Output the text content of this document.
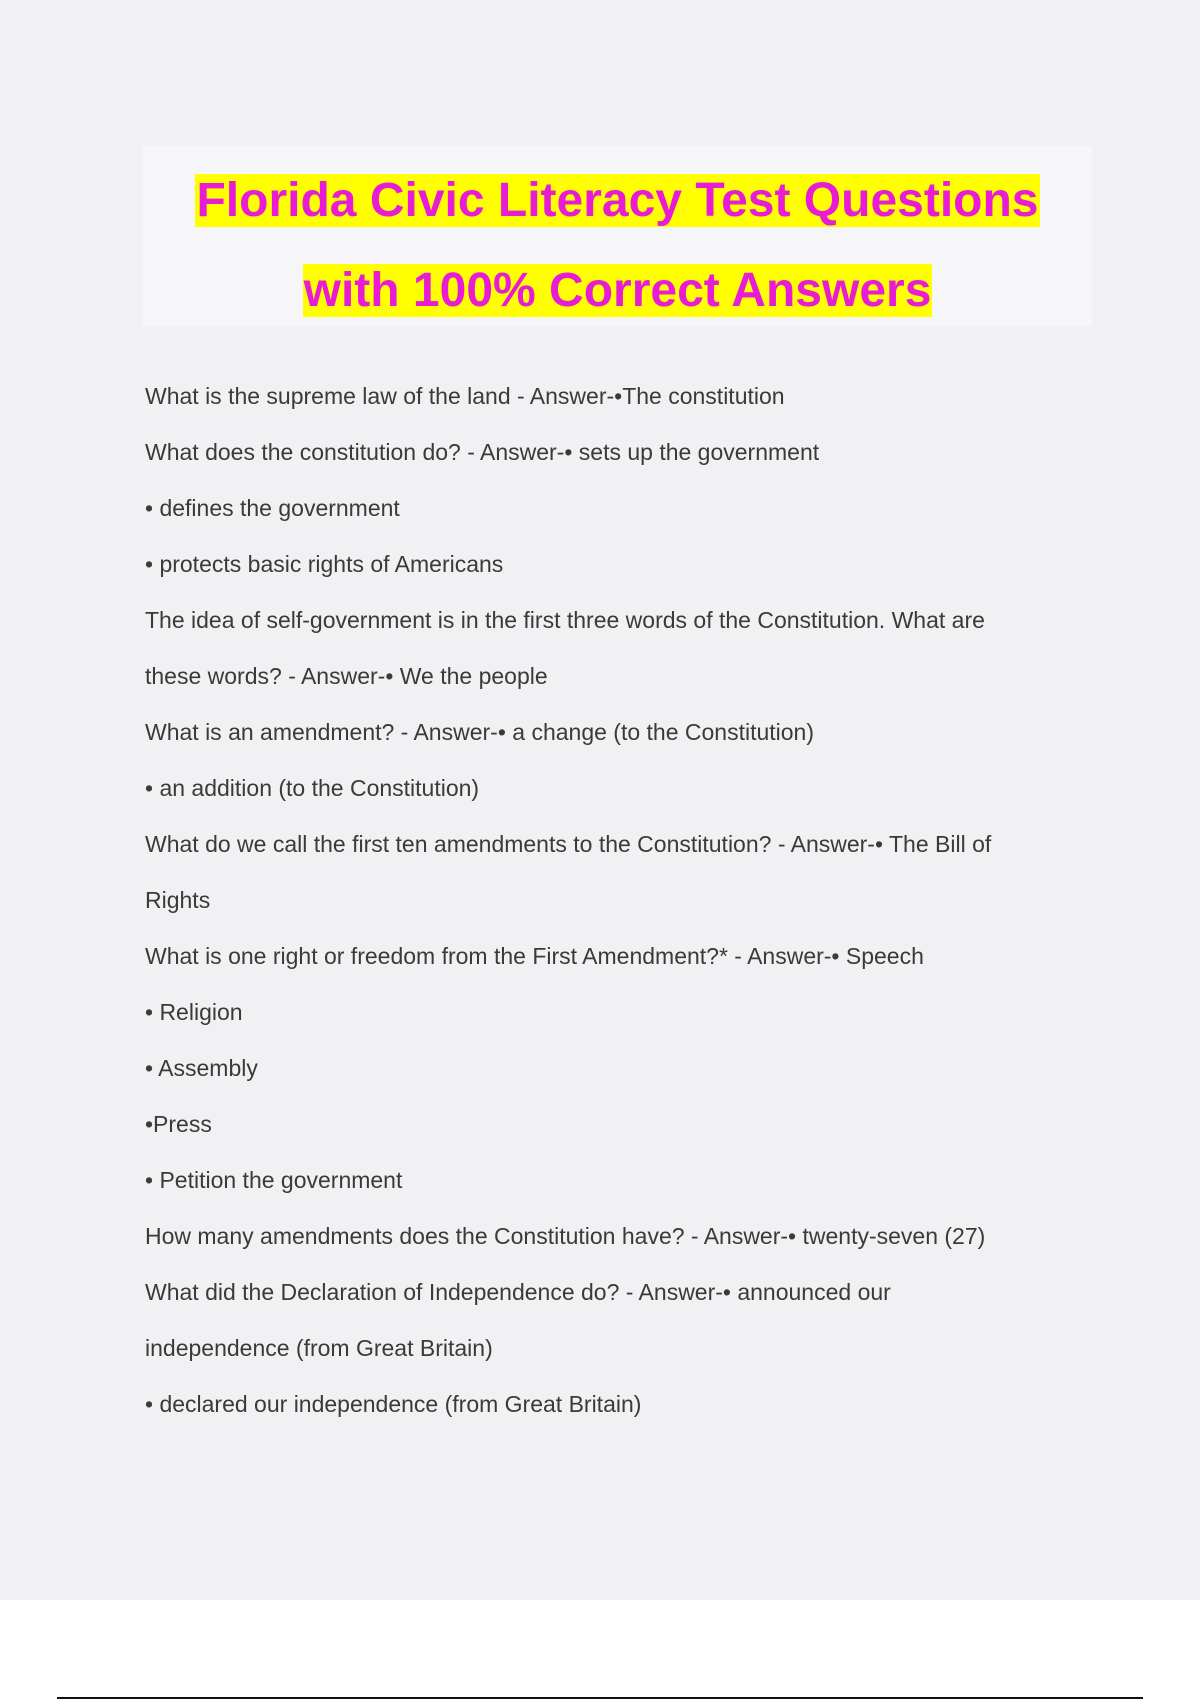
Florida Civic Literacy Test Questions
with 100% Correct Answers
What is the supreme law of the land - Answer-•The constitution
What does the constitution do? - Answer-• sets up the government
• defines the government
• protects basic rights of Americans
The idea of self-government is in the first three words of the Constitution. What are
these words? - Answer-• We the people
What is an amendment? - Answer-• a change (to the Constitution)
• an addition (to the Constitution)
What do we call the first ten amendments to the Constitution? - Answer-• The Bill of
Rights
What is one right or freedom from the First Amendment?* - Answer-• Speech
• Religion
• Assembly
•Press
• Petition the government
How many amendments does the Constitution have? - Answer-• twenty-seven (27)
What did the Declaration of Independence do? - Answer-• announced our
independence (from Great Britain)
• declared our independence (from Great Britain)
